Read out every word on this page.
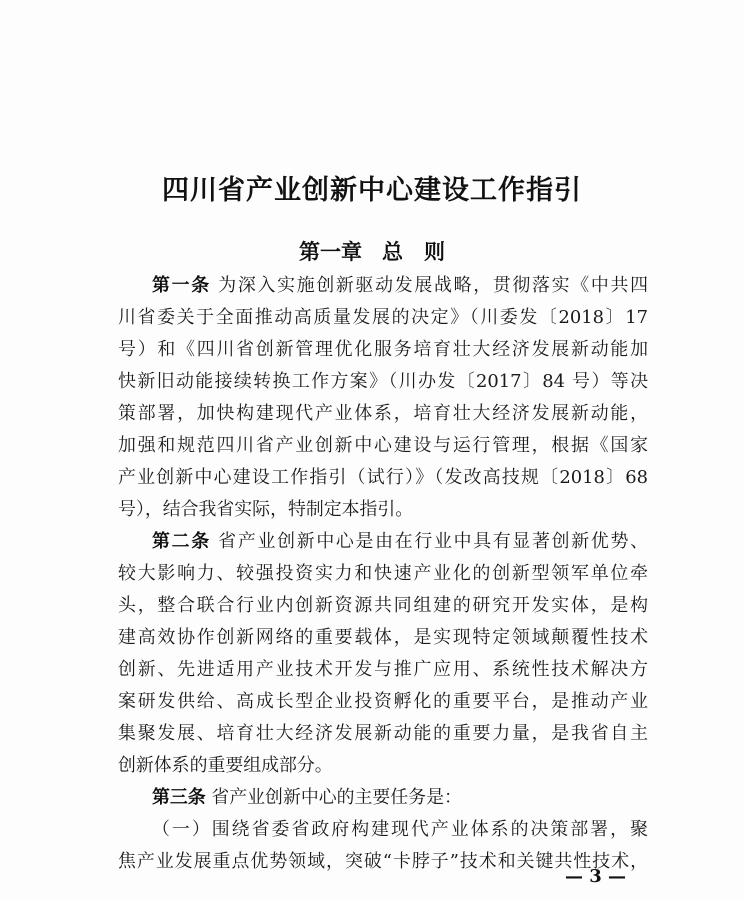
四川省产业创新中心建设工作指引
第一章 总　则
第一条 为深入实施创新驱动发展战略，贯彻落实《中共四
川省委关于全面推动高质量发展的决定》（川委发〔2018〕17
号）和《四川省创新管理优化服务培育壮大经济发展新动能加
快新旧动能接续转换工作方案》（川办发〔2017〕84 号）等决
策部署，加快构建现代产业体系，培育壮大经济发展新动能，
加强和规范四川省产业创新中心建设与运行管理，根据《国家
产业创新中心建设工作指引（试行）》（发改高技规〔2018〕68
号），结合我省实际，特制定本指引。
第二条 省产业创新中心是由在行业中具有显著创新优势、
较大影响力、较强投资实力和快速产业化的创新型领军单位牵
头，整合联合行业内创新资源共同组建的研究开发实体，是构
建高效协作创新网络的重要载体，是实现特定领域颠覆性技术
创新、先进适用产业技术开发与推广应用、系统性技术解决方
案研发供给、高成长型企业投资孵化的重要平台，是推动产业
集聚发展、培育壮大经济发展新动能的重要力量，是我省自主
创新体系的重要组成部分。
第三条 省产业创新中心的主要任务是：
— 3 —
（一）围绕省委省政府构建现代产业体系的决策部署，聚
焦产业发展重点优势领域，突破“卡脖子”技术和关键共性技术，
